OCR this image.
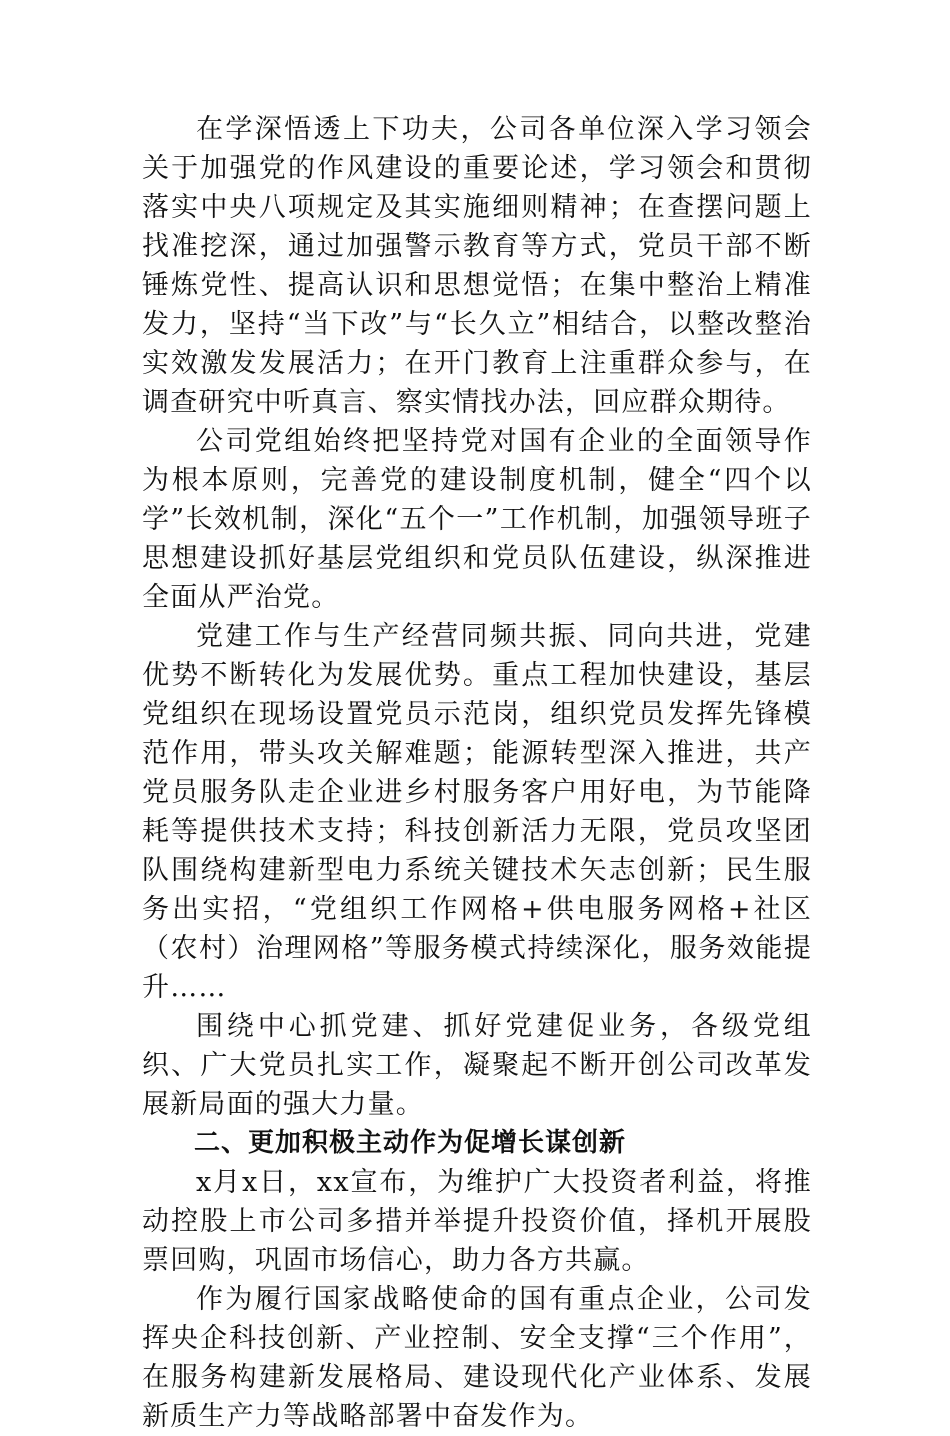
在学深悟透上下功夫，公司各单位深入学习领会关于加强党的作风建设的重要论述，学习领会和贯彻落实中央八项规定及其实施细则精神；在查摆问题上找准挖深，通过加强警示教育等方式，党员干部不断锤炼党性、提高认识和思想觉悟；在集中整治上精准发力，坚持“当下改”与“长久立”相结合，以整改整治实效激发发展活力；在开门教育上注重群众参与，在调查研究中听真言、察实情找办法，回应群众期待。

公司党组始终把坚持党对国有企业的全面领导作为根本原则，完善党的建设制度机制，健全“四个以学”长效机制，深化“五个一”工作机制，加强领导班子思想建设抓好基层党组织和党员队伍建设，纵深推进全面从严治党。

党建工作与生产经营同频共振、同向共进，党建优势不断转化为发展优势。重点工程加快建设，基层党组织在现场设置党员示范岗，组织党员发挥先锋模范作用，带头攻关解难题；能源转型深入推进，共产党员服务队走企业进乡村服务客户用好电，为节能降耗等提供技术支持；科技创新活力无限，党员攻坚团队围绕构建新型电力系统关键技术矢志创新；民生服务出实招，“党组织工作网格+供电服务网格+社区（农村）治理网格”等服务模式持续深化，服务效能提升……

围绕中心抓党建、抓好党建促业务，各级党组织、广大党员扎实工作，凝聚起不断开创公司改革发展新局面的强大力量。

二、更加积极主动作为促增长谋创新

x月x日，xx宣布，为维护广大投资者利益，将推动控股上市公司多措并举提升投资价值，择机开展股票回购，巩固市场信心，助力各方共赢。

作为履行国家战略使命的国有重点企业，公司发挥央企科技创新、产业控制、安全支撑“三个作用”，在服务构建新发展格局、建设现代化产业体系、发展新质生产力等战略部署中奋发作为。
